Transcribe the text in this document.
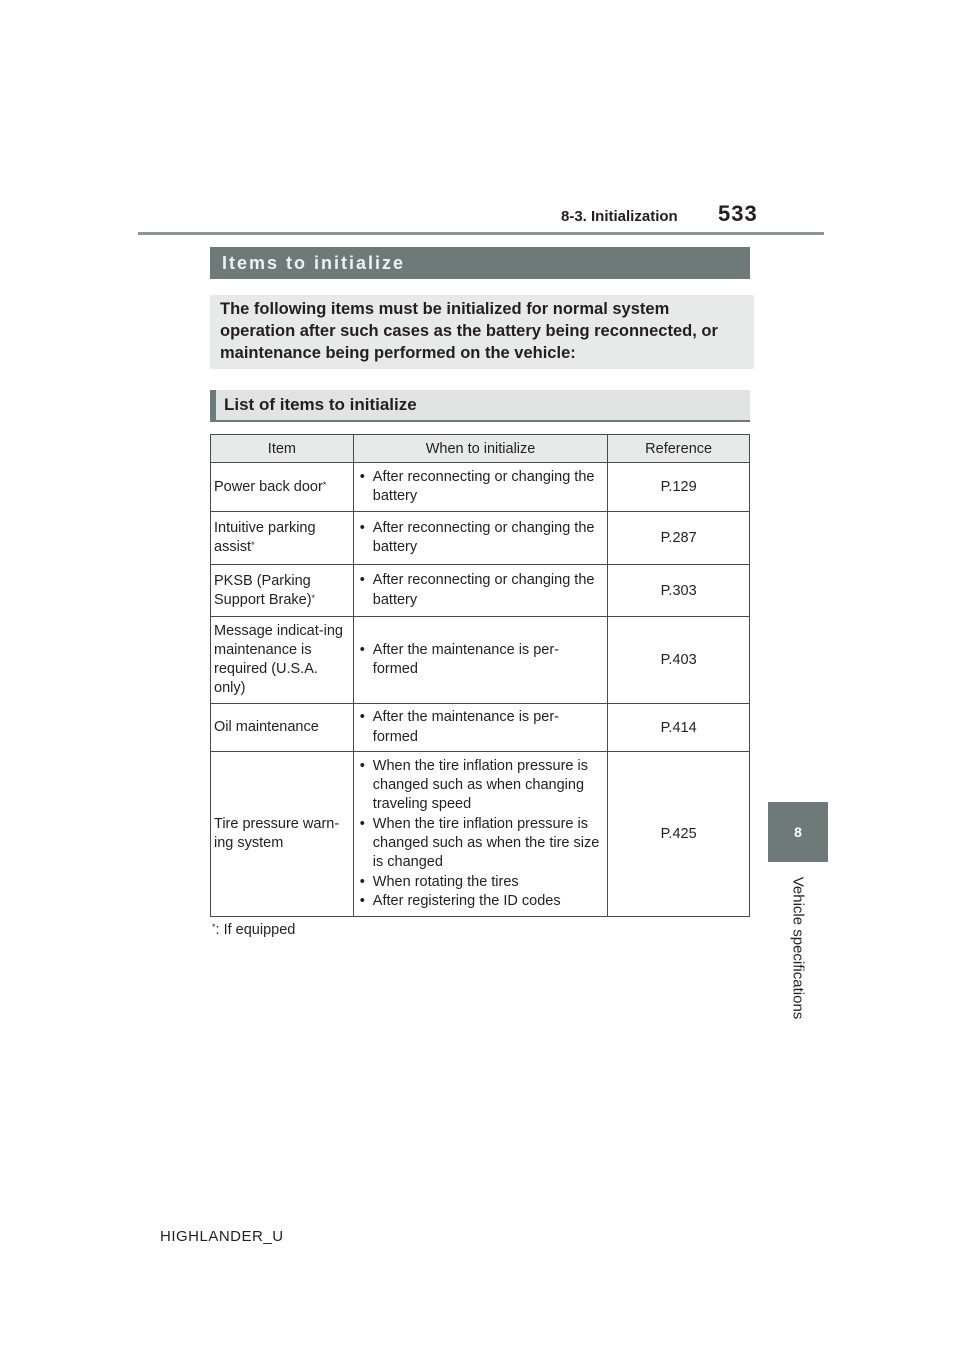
8-3. Initialization 533
8
Vehicle specifications
Items to initialize
The following items must be initialized for normal system operation after such cases as the battery being reconnected, or maintenance being performed on the vehicle:
List of items to initialize
Item	When to initialize	Reference
Power back door*	• After reconnecting or changing the battery	P.129
Intuitive parking assist*	• After reconnecting or changing the battery	P.287
PKSB (Parking Support Brake)*	• After reconnecting or changing the battery	P.303
Message indicat-ing maintenance is required (U.S.A. only)	• After the maintenance is per-formed	P.403
Oil maintenance	• After the maintenance is per-formed	P.414
Tire pressure warn-ing system	• When the tire inflation pressure is changed such as when changing traveling speed
• When the tire inflation pressure is changed such as when the tire size is changed
• When rotating the tires
• After registering the ID codes	P.425
*: If equipped
HIGHLANDER_U
